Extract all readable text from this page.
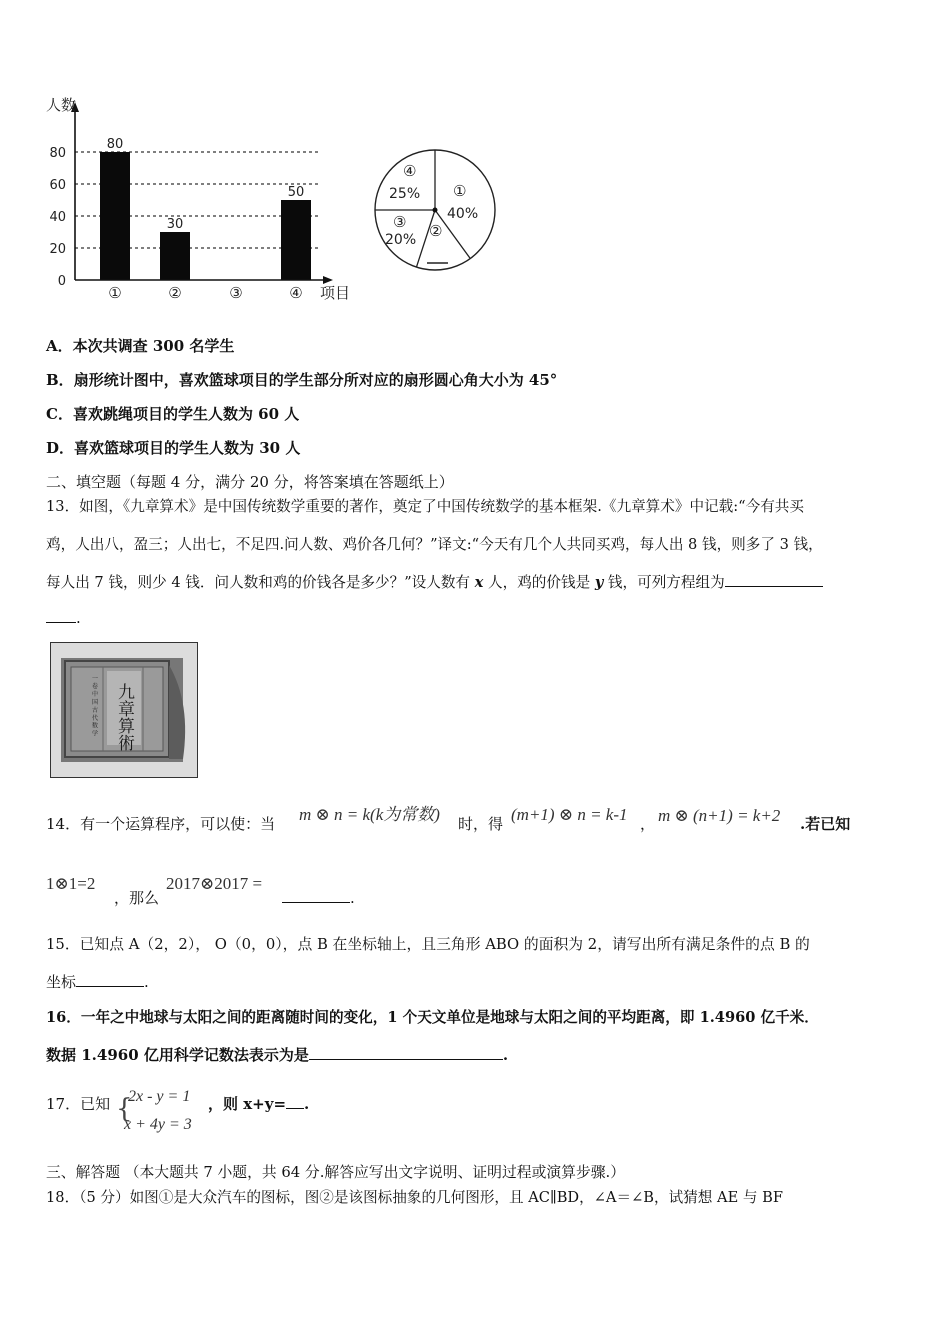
80
30
50
0
20
40
60
80
①	②	③	④
人数
项目
①
40%
②
③
20%
④
25%
A．本次共调查 300 名学生
B．扇形统计图中，喜欢篮球项目的学生部分所对应的扇形圆心角大小为 45°
C．喜欢跳绳项目的学生人数为 60 人
D．喜欢篮球项目的学生人数为 30 人
二、填空题（每题 4 分，满分 20 分，将答案填在答题纸上）
13．如图，《九章算术》是中国传统数学重要的著作，奠定了中国传统数学的基本框架.《九章算术》中记载:“今有共买
鸡，人出八，盈三；人出七，不足四.问人数、鸡价各几何？”译文:“今天有几个人共同买鸡，每人出 8 钱，则多了 3 钱，
每人出 7 钱，则少 4 钱．问人数和鸡的价钱各是多少？”设人数有 x 人，鸡的价钱是 y 钱，可列方程组为
.
九章算術
一 卷 中 国 古 代 数 学
14．有一个运算程序，可以使：当 m ⊗ n = k(k为常数) 时，得 (m+1) ⊗ n = k-1 ， m ⊗ (n+1) = k+2 .若已知
1⊗1=2
，那么
2017⊗2017 =
.
15．已知点 A（2，2）， O（0，0），点 B 在坐标轴上，且三角形 ABO 的面积为 2，请写出所有满足条件的点 B 的
坐标	.
16．一年之中地球与太阳之间的距离随时间的变化，1 个天文单位是地球与太阳之间的平均距离，即 1.4960 亿千米．
数据 1.4960 亿用科学记数法表示为是	.
17．已知 {
2x - y = 1
x + 4y = 3
，则 x+y= .
三、解答题 （本大题共 7 小题，共 64 分.解答应写出文字说明、证明过程或演算步骤.）
18．（5 分）如图①是大众汽车的图标，图②是该图标抽象的几何图形，且 AC∥BD，∠A＝∠B，试猜想 AE 与 BF
